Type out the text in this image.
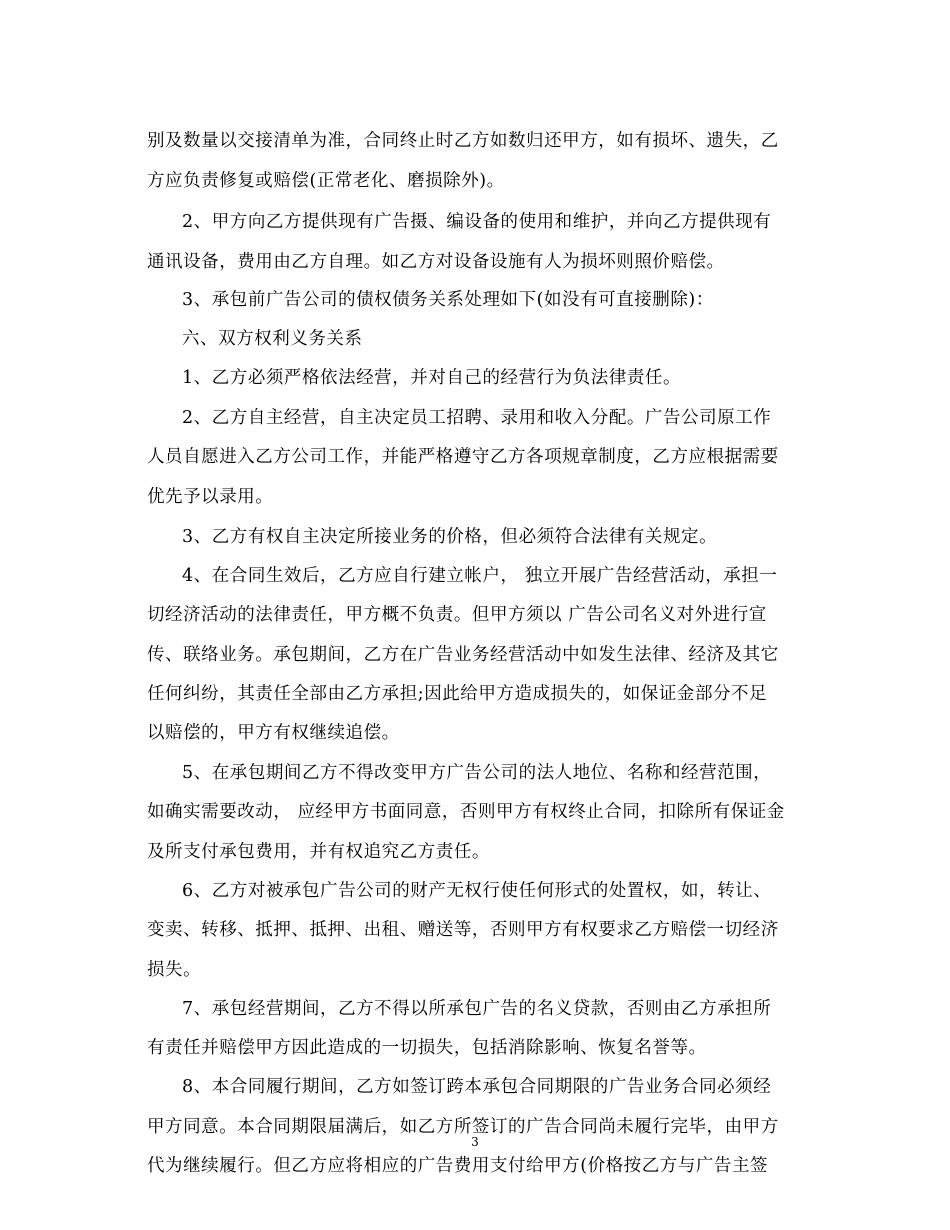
别及数量以交接清单为准，合同终止时乙方如数归还甲方，如有损坏、遗失，乙
方应负责修复或赔偿(正常老化、磨损除外)。
2、甲方向乙方提供现有广告摄、编设备的使用和维护，并向乙方提供现有
通讯设备，费用由乙方自理。如乙方对设备设施有人为损坏则照价赔偿。
3、承包前广告公司的债权债务关系处理如下(如没有可直接删除)：
六、双方权利义务关系
1、乙方必须严格依法经营，并对自己的经营行为负法律责任。
2、乙方自主经营，自主决定员工招聘、录用和收入分配。广告公司原工作
人员自愿进入乙方公司工作，并能严格遵守乙方各项规章制度，乙方应根据需要
优先予以录用。
3、乙方有权自主决定所接业务的价格，但必须符合法律有关规定。
4、在合同生效后，乙方应自行建立帐户， 独立开展广告经营活动，承担一
切经济活动的法律责任，甲方概不负责。但甲方须以 广告公司名义对外进行宣
传、联络业务。承包期间，乙方在广告业务经营活动中如发生法律、经济及其它
任何纠纷，其责任全部由乙方承担;因此给甲方造成损失的，如保证金部分不足
以赔偿的，甲方有权继续追偿。
5、在承包期间乙方不得改变甲方广告公司的法人地位、名称和经营范围，
如确实需要改动， 应经甲方书面同意，否则甲方有权终止合同，扣除所有保证金
及所支付承包费用，并有权追究乙方责任。
6、乙方对被承包广告公司的财产无权行使任何形式的处置权，如，转让、
变卖、转移、抵押、抵押、出租、赠送等，否则甲方有权要求乙方赔偿一切经济
损失。
7、承包经营期间，乙方不得以所承包广告的名义贷款，否则由乙方承担所
有责任并赔偿甲方因此造成的一切损失，包括消除影响、恢复名誉等。
8、本合同履行期间，乙方如签订跨本承包合同期限的广告业务合同必须经
甲方同意。本合同期限届满后，如乙方所签订的广告合同尚未履行完毕，由甲方
代为继续履行。但乙方应将相应的广告费用支付给甲方(价格按乙方与广告主签
3
